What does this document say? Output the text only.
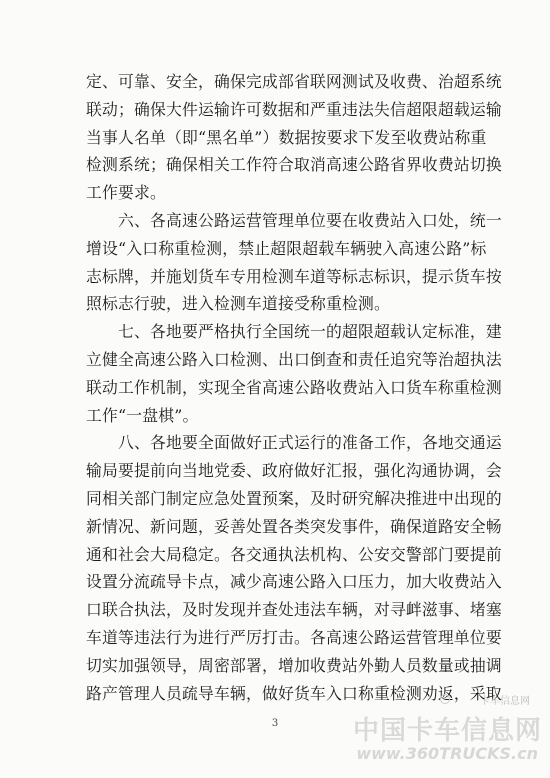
定、可靠、安全，确保完成部省联网测试及收费、治超系统
联动；确保大件运输许可数据和严重违法失信超限超载运输
当事人名单（即“黑名单”）数据按要求下发至收费站称重
检测系统；确保相关工作符合取消高速公路省界收费站切换
工作要求。
六、各高速公路运营管理单位要在收费站入口处，统一
增设“入口称重检测，禁止超限超载车辆驶入高速公路”标
志标牌，并施划货车专用检测车道等标志标识，提示货车按
照标志行驶，进入检测车道接受称重检测。
七、各地要严格执行全国统一的超限超载认定标准，建
立健全高速公路入口检测、出口倒查和责任追究等治超执法
联动工作机制，实现全省高速公路收费站入口货车称重检测
工作“一盘棋”。
八、各地要全面做好正式运行的准备工作，各地交通运
输局要提前向当地党委、政府做好汇报，强化沟通协调，会
同相关部门制定应急处置预案，及时研究解决推进中出现的
新情况、新问题，妥善处置各类突发事件，确保道路安全畅
通和社会大局稳定。各交通执法机构、公安交警部门要提前
设置分流疏导卡点，减少高速公路入口压力，加大收费站入
口联合执法，及时发现并查处违法车辆，对寻衅滋事、堵塞
车道等违法行为进行严厉打击。各高速公路运营管理单位要
切实加强领导，周密部署，增加收费站外勤人员数量或抽调
路产管理人员疏导车辆，做好货车入口称重检测劝返，采取
3
卡车信息网
中国卡车信息网
www.360TRUCKS.cn
